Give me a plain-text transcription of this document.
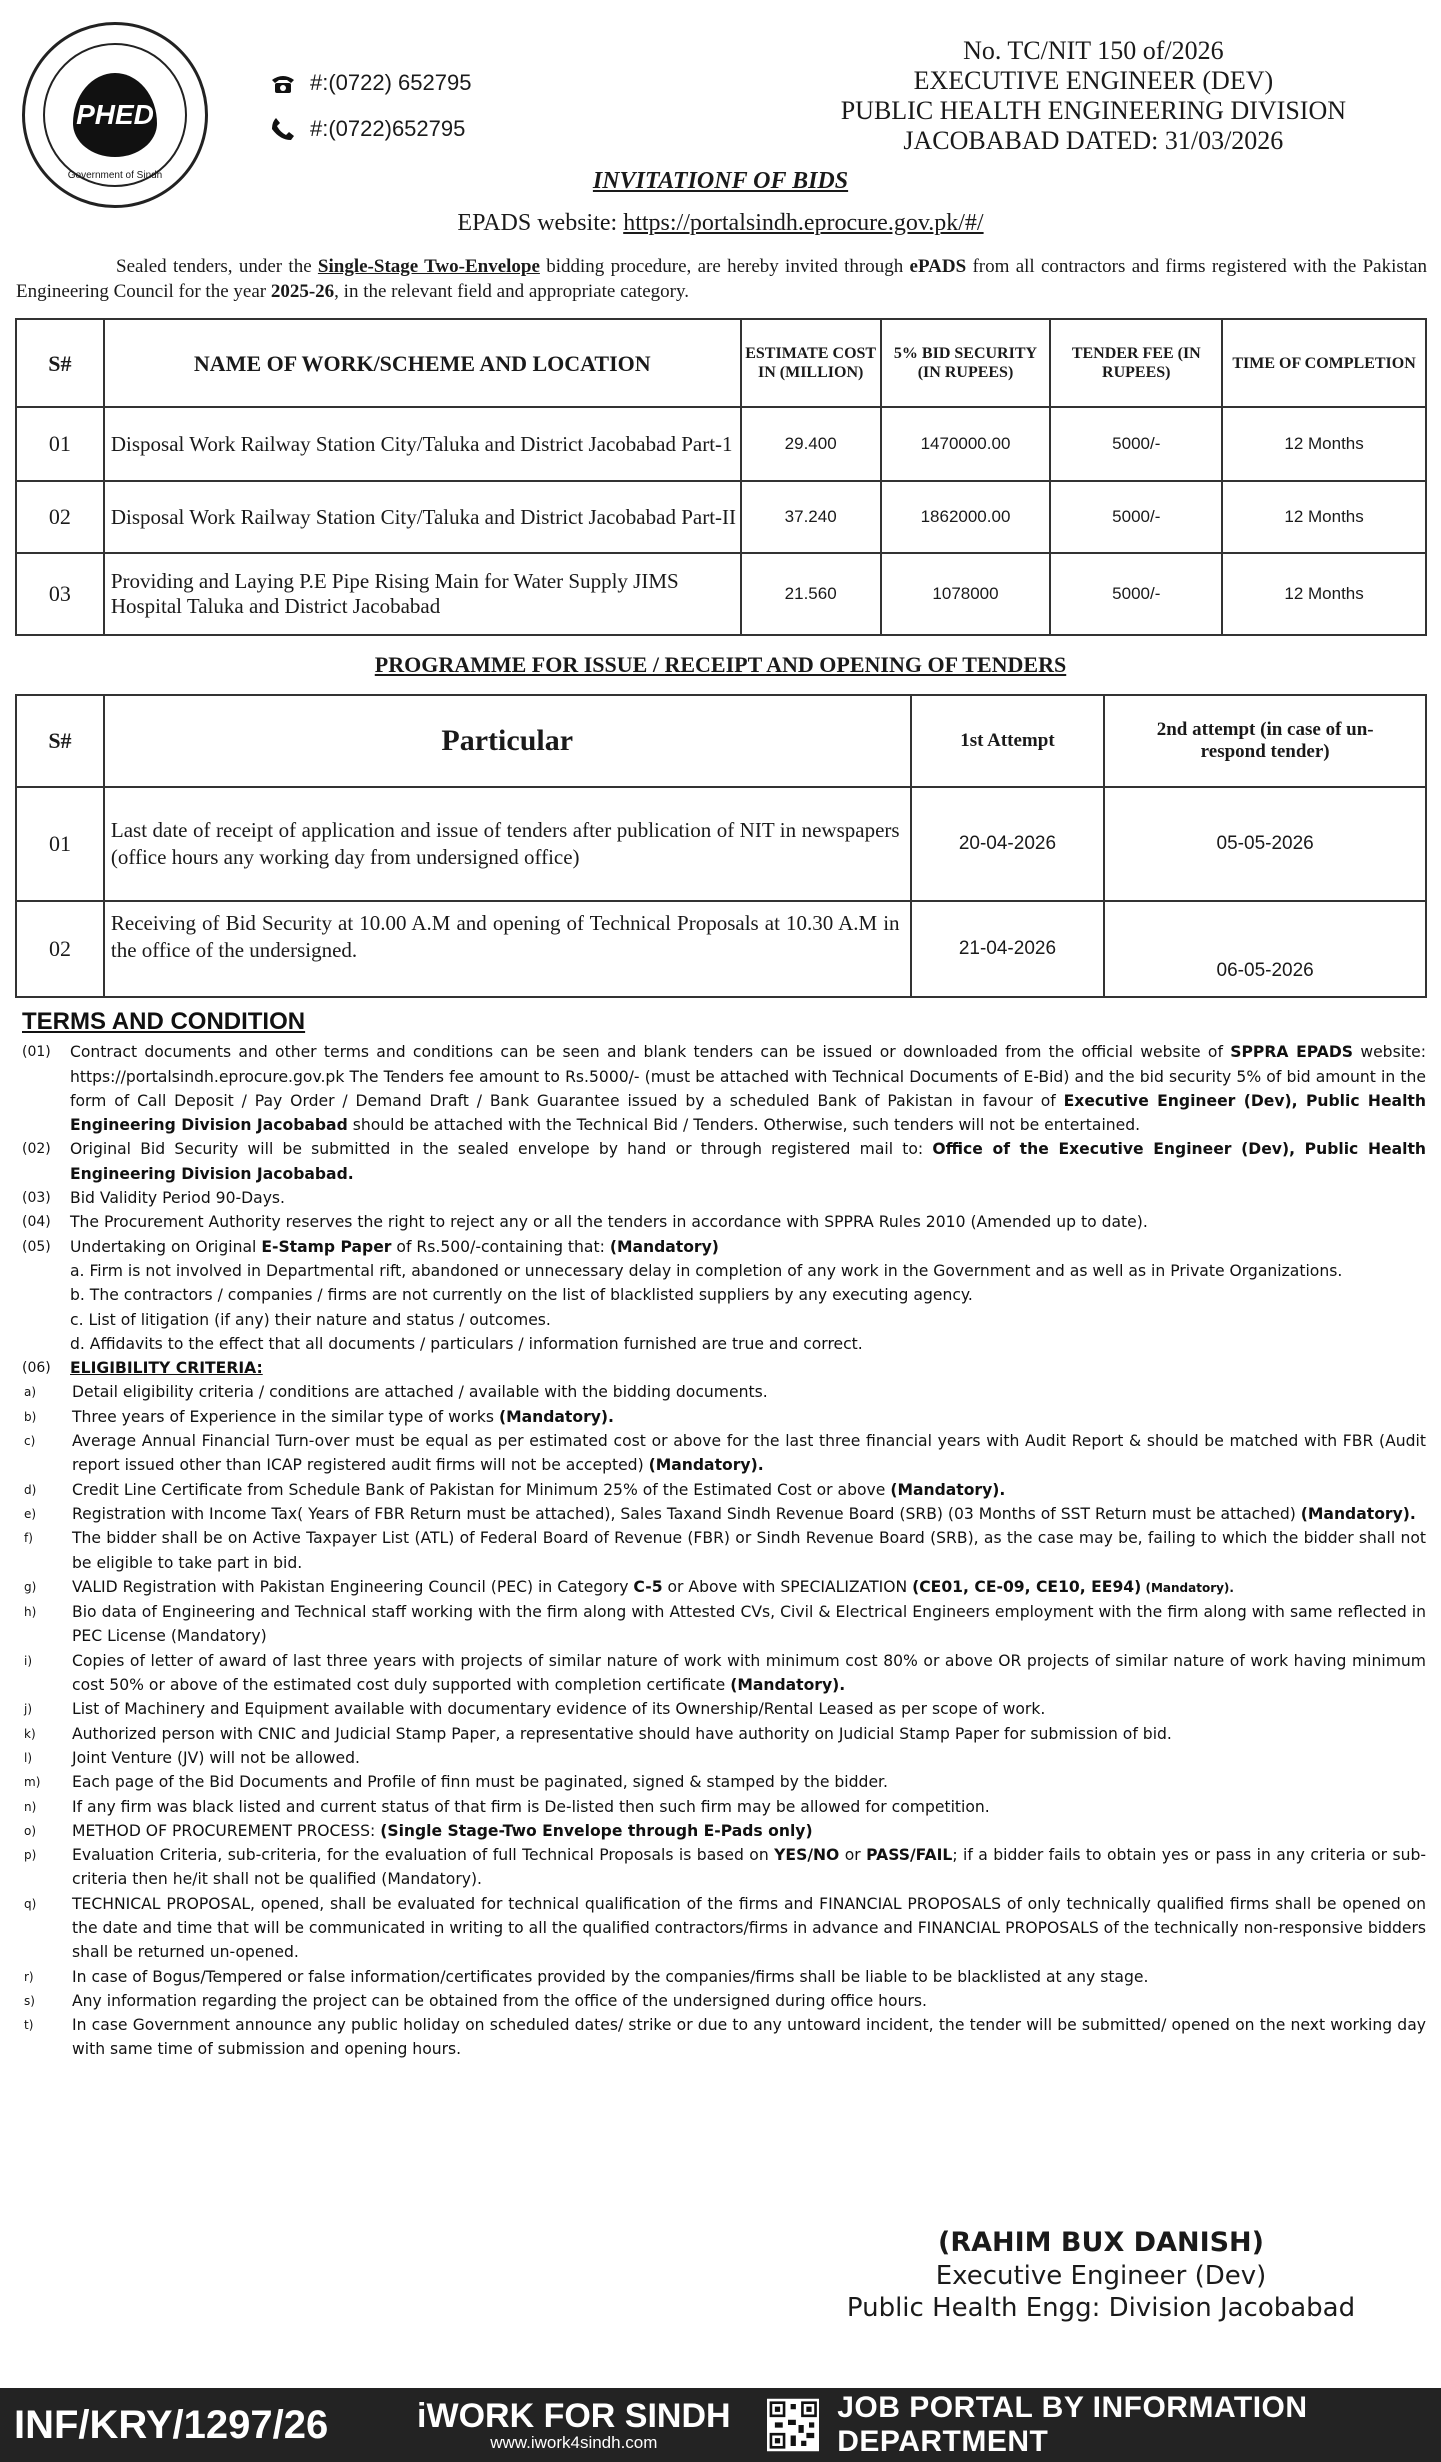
PHED
Government of Sindh
#:(0722) 652795
#:(0722)652795
No. TC/NIT 150 of/2026
EXECUTIVE ENGINEER (DEV)
PUBLIC HEALTH ENGINEERING DIVISION
JACOBABAD DATED: 31/03/2026
INVITATIONF OF BIDS
EPADS website: https://portalsindh.eprocure.gov.pk/#/
Sealed tenders, under the Single-Stage Two-Envelope bidding procedure, are hereby invited through ePADS from all contractors and firms registered with the Pakistan Engineering Council for the year 2025-26, in the relevant field and appropriate category.
S#	NAME OF WORK/SCHEME AND LOCATION	ESTIMATE COST IN (MILLION)	5% BID SECURITY (IN RUPEES)	TENDER FEE (IN RUPEES)	TIME OF COMPLETION
01	Disposal Work Railway Station City/Taluka and District Jacobabad Part-1	29.400	1470000.00	5000/-	12 Months
02	Disposal Work Railway Station City/Taluka and District Jacobabad Part-II	37.240	1862000.00	5000/-	12 Months
03	Providing and Laying P.E Pipe Rising Main for Water Supply JIMS Hospital Taluka and District Jacobabad	21.560	1078000	5000/-	12 Months
PROGRAMME FOR ISSUE / RECEIPT AND OPENING OF TENDERS
S#	Particular	1st Attempt	2nd attempt (in case of un-respond tender)
01	Last date of receipt of application and issue of tenders after publication of NIT in newspapers (office hours any working day from undersigned office)	20-04-2026	05-05-2026
02	Receiving of Bid Security at 10.00 A.M and opening of Technical Proposals at 10.30 A.M in the office of the undersigned.	21-04-2026	06-05-2026
TERMS AND CONDITION
(01)	Contract documents and other terms and conditions can be seen and blank tenders can be issued or downloaded from the official website of SPPRA EPADS website: https://portalsindh.eprocure.gov.pk The Tenders fee amount to Rs.5000/- (must be attached with Technical Documents of E-Bid) and the bid security 5% of bid amount in the form of Call Deposit / Pay Order / Demand Draft / Bank Guarantee issued by a scheduled Bank of Pakistan in favour of Executive Engineer (Dev), Public Health Engineering Division Jacobabad should be attached with the Technical Bid / Tenders. Otherwise, such tenders will not be entertained.
(02)	Original Bid Security will be submitted in the sealed envelope by hand or through registered mail to: Office of the Executive Engineer (Dev), Public Health Engineering Division Jacobabad.
(03)	Bid Validity Period 90-Days.
(04)	The Procurement Authority reserves the right to reject any or all the tenders in accordance with SPPRA Rules 2010 (Amended up to date).
(05)	Undertaking on Original E-Stamp Paper of Rs.500/-containing that: (Mandatory)
a. Firm is not involved in Departmental rift, abandoned or unnecessary delay in completion of any work in the Government and as well as in Private Organizations.
b. The contractors / companies / firms are not currently on the list of blacklisted suppliers by any executing agency.
c. List of litigation (if any) their nature and status / outcomes.
d. Affidavits to the effect that all documents / particulars / information furnished are true and correct.
(06)	ELIGIBILITY CRITERIA:
a)	Detail eligibility criteria / conditions are attached / available with the bidding documents.
b)	Three years of Experience in the similar type of works (Mandatory).
c)	Average Annual Financial Turn-over must be equal as per estimated cost or above for the last three financial years with Audit Report & should be matched with FBR (Audit report issued other than ICAP registered audit firms will not be accepted) (Mandatory).
d)	Credit Line Certificate from Schedule Bank of Pakistan for Minimum 25% of the Estimated Cost or above (Mandatory).
e)	Registration with Income Tax( Years of FBR Return must be attached), Sales Taxand Sindh Revenue Board (SRB) (03 Months of SST Return must be attached) (Mandatory).
f)	The bidder shall be on Active Taxpayer List (ATL) of Federal Board of Revenue (FBR) or Sindh Revenue Board (SRB), as the case may be, failing to which the bidder shall not be eligible to take part in bid.
g)	VALID Registration with Pakistan Engineering Council (PEC) in Category C-5 or Above with SPECIALIZATION (CE01, CE-09, CE10, EE94) (Mandatory).
h)	Bio data of Engineering and Technical staff working with the firm along with Attested CVs, Civil & Electrical Engineers employment with the firm along with same reflected in PEC License (Mandatory)
i)	Copies of letter of award of last three years with projects of similar nature of work with minimum cost 80% or above OR projects of similar nature of work having minimum cost 50% or above of the estimated cost duly supported with completion certificate (Mandatory).
j)	List of Machinery and Equipment available with documentary evidence of its Ownership/Rental Leased as per scope of work.
k)	Authorized person with CNIC and Judicial Stamp Paper, a representative should have authority on Judicial Stamp Paper for submission of bid.
l)	Joint Venture (JV) will not be allowed.
m)	Each page of the Bid Documents and Profile of finn must be paginated, signed & stamped by the bidder.
n)	If any firm was black listed and current status of that firm is De-listed then such firm may be allowed for competition.
o)	METHOD OF PROCUREMENT PROCESS: (Single Stage-Two Envelope through E-Pads only)
p)	Evaluation Criteria, sub-criteria, for the evaluation of full Technical Proposals is based on YES/NO or PASS/FAIL; if a bidder fails to obtain yes or pass in any criteria or sub-criteria then he/it shall not be qualified (Mandatory).
q)	TECHNICAL PROPOSAL, opened, shall be evaluated for technical qualification of the firms and FINANCIAL PROPOSALS of only technically qualified firms shall be opened on the date and time that will be communicated in writing to all the qualified contractors/firms in advance and FINANCIAL PROPOSALS of the technically non-responsive bidders shall be returned un-opened.
r)	In case of Bogus/Tempered or false information/certificates provided by the companies/firms shall be liable to be blacklisted at any stage.
s)	Any information regarding the project can be obtained from the office of the undersigned during office hours.
t)	In case Government announce any public holiday on scheduled dates/ strike or due to any untoward incident, the tender will be submitted/ opened on the next working day with same time of submission and opening hours.
(RAHIM BUX DANISH)
Executive Engineer (Dev)
Public Health Engg: Division Jacobabad
INF/KRY/1297/26	iWORK FOR SINDH
www.iwork4sindh.com
JOB PORTAL BY INFORMATION DEPARTMENT
